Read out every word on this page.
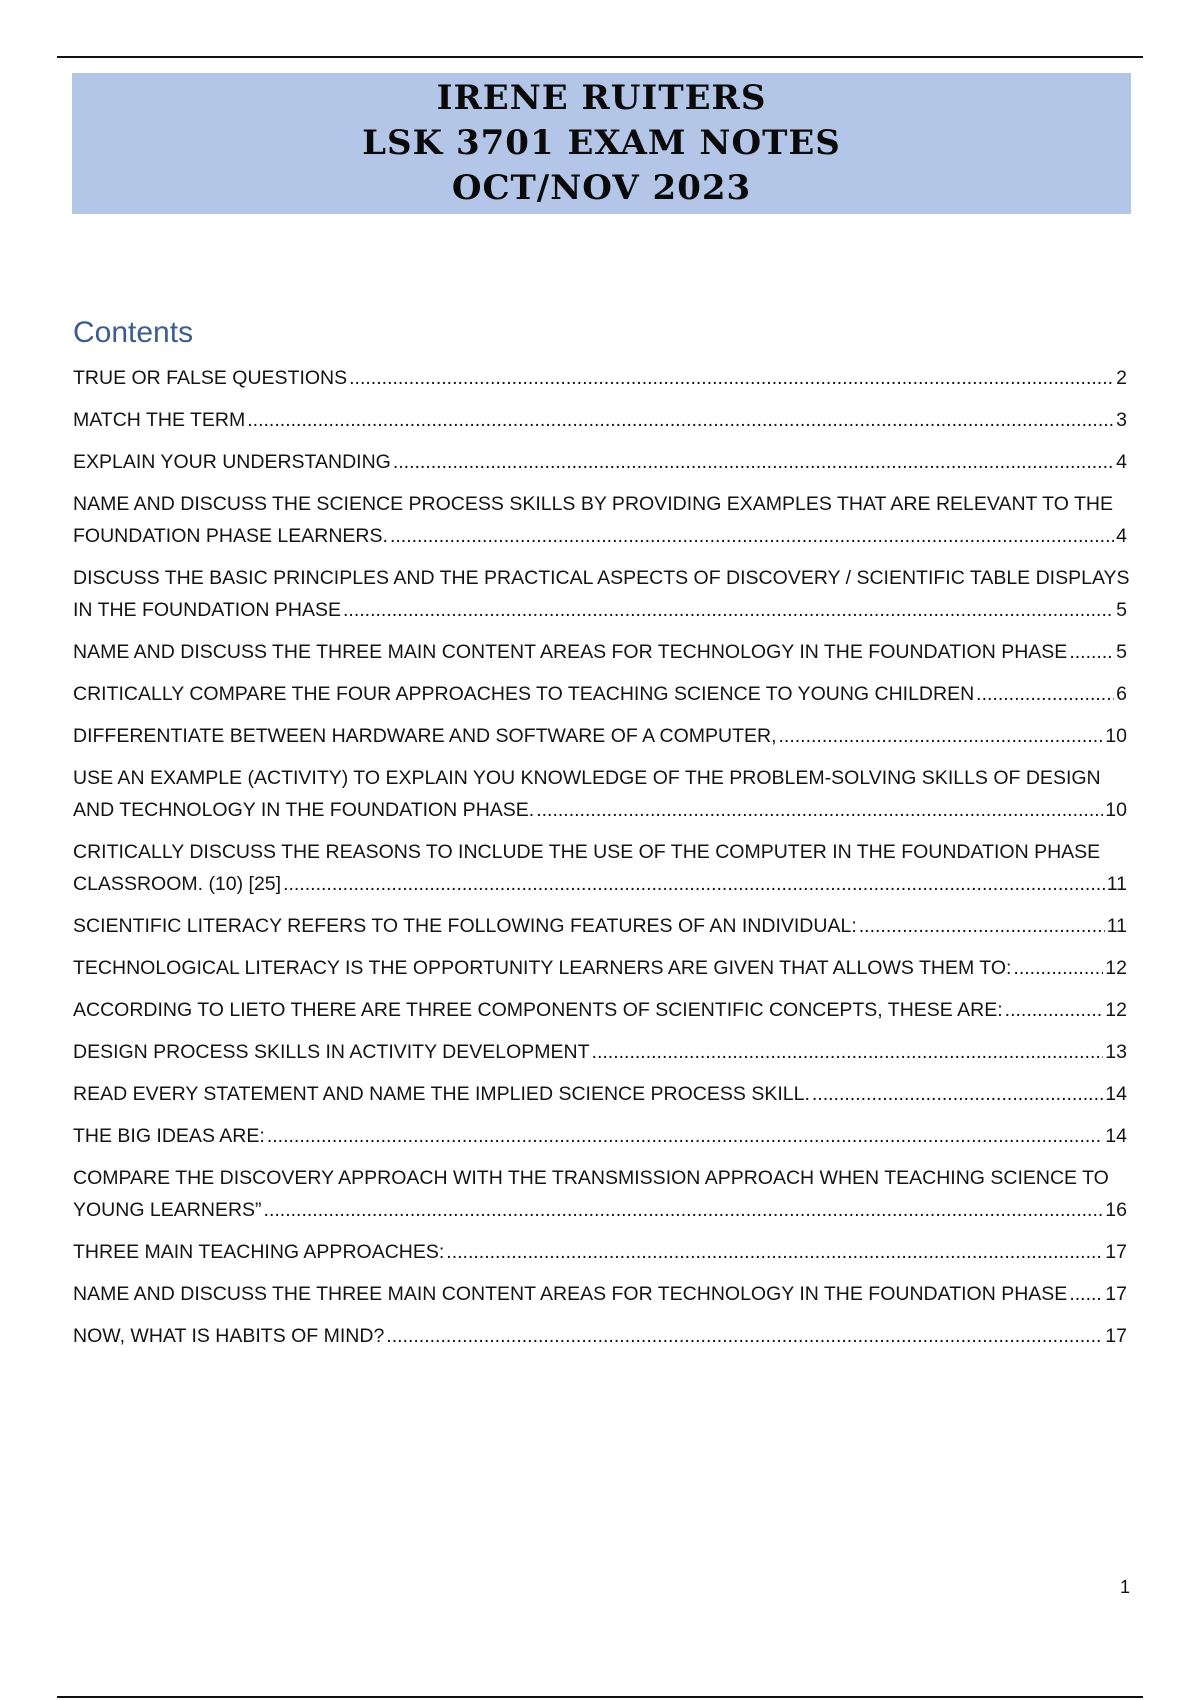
IRENE RUITERS
LSK 3701 EXAM NOTES
OCT/NOV 2023
Contents
TRUE OR FALSE QUESTIONS .....	2
MATCH THE TERM .....	3
EXPLAIN YOUR UNDERSTANDING .....	4
NAME AND DISCUSS THE SCIENCE PROCESS SKILLS BY PROVIDING EXAMPLES THAT ARE RELEVANT TO THE
FOUNDATION PHASE LEARNERS. .....	4
DISCUSS THE BASIC PRINCIPLES AND THE PRACTICAL ASPECTS OF DISCOVERY / SCIENTIFIC TABLE DISPLAYS
IN THE FOUNDATION PHASE .....	5
NAME AND DISCUSS THE THREE MAIN CONTENT AREAS FOR TECHNOLOGY IN THE FOUNDATION PHASE .....	5
CRITICALLY COMPARE THE FOUR APPROACHES TO TEACHING SCIENCE TO YOUNG CHILDREN .....	6
DIFFERENTIATE BETWEEN HARDWARE AND SOFTWARE OF A COMPUTER, .....	10
USE AN EXAMPLE (ACTIVITY) TO EXPLAIN YOU KNOWLEDGE OF THE PROBLEM-SOLVING SKILLS OF DESIGN
AND TECHNOLOGY IN THE FOUNDATION PHASE. .....	10
CRITICALLY DISCUSS THE REASONS TO INCLUDE THE USE OF THE COMPUTER IN THE FOUNDATION PHASE
CLASSROOM. (10) [25] .....	11
SCIENTIFIC LITERACY REFERS TO THE FOLLOWING FEATURES OF AN INDIVIDUAL: .....	11
TECHNOLOGICAL LITERACY IS THE OPPORTUNITY LEARNERS ARE GIVEN THAT ALLOWS THEM TO: .....	12
ACCORDING TO LIETO THERE ARE THREE COMPONENTS OF SCIENTIFIC CONCEPTS, THESE ARE: .....	12
DESIGN PROCESS SKILLS IN ACTIVITY DEVELOPMENT .....	13
READ EVERY STATEMENT AND NAME THE IMPLIED SCIENCE PROCESS SKILL. .....	14
THE BIG IDEAS ARE: .....	14
COMPARE THE DISCOVERY APPROACH WITH THE TRANSMISSION APPROACH WHEN TEACHING SCIENCE TO
YOUNG LEARNERS” .....	16
THREE MAIN TEACHING APPROACHES: .....	17
NAME AND DISCUSS THE THREE MAIN CONTENT AREAS FOR TECHNOLOGY IN THE FOUNDATION PHASE ..... 17
NOW, WHAT IS HABITS OF MIND? .....	17
1
